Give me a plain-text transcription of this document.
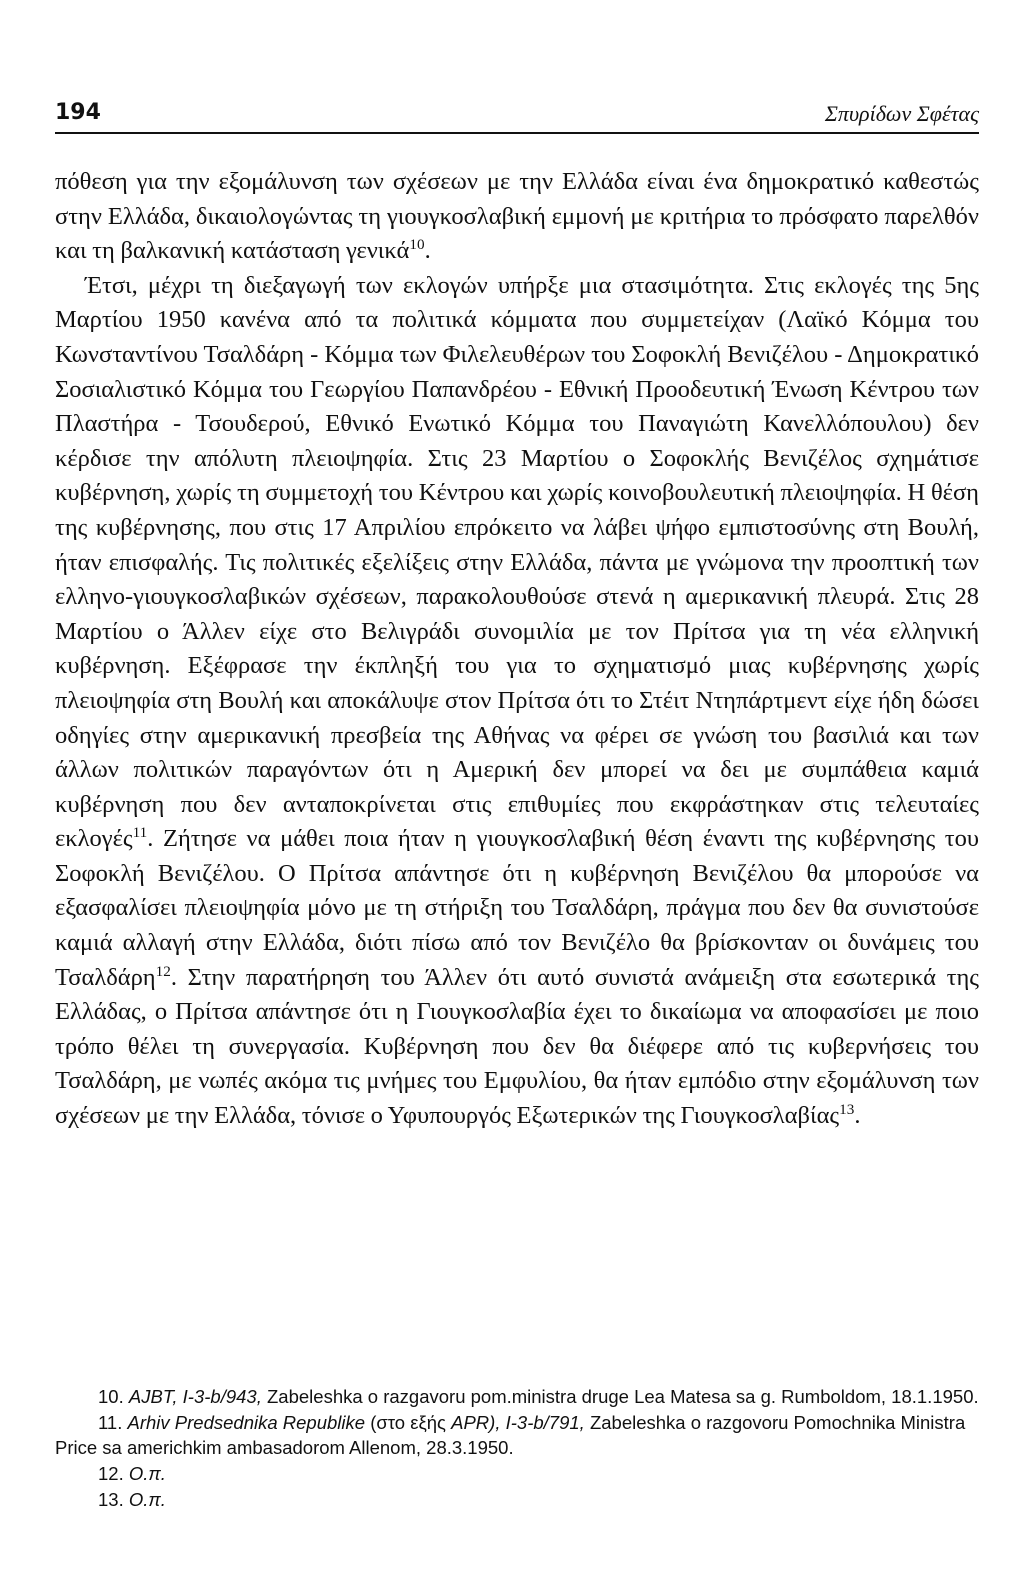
194	Σπυρίδων Σφέτας

πόθεση για την εξομάλυνση των σχέσεων με την Ελλάδα είναι ένα δημοκρατικό καθεστώς στην Ελλάδα, δικαιολογώντας τη γιουγκοσλαβική εμμονή με κριτήρια το πρόσφατο παρελθόν και τη βαλκανική κατάσταση γενικά$^{10}$.

Έτσι, μέχρι τη διεξαγωγή των εκλογών υπήρξε μια στασιμότητα. Στις εκλογές της 5ης Μαρτίου 1950 κανένα από τα πολιτικά κόμματα που συμμετείχαν (Λαϊκό Κόμμα του Κωνσταντίνου Τσαλδάρη - Κόμμα των Φιλελευθέρων του Σοφοκλή Βενιζέλου - Δημοκρατικό Σοσιαλιστικό Κόμμα του Γεωργίου Παπανδρέου - Εθνική Προοδευτική Ένωση Κέντρου των Πλαστήρα - Τσουδερού, Εθνικό Ενωτικό Κόμμα του Παναγιώτη Κανελλόπουλου) δεν κέρδισε την απόλυτη πλειοψηφία. Στις 23 Μαρτίου ο Σοφοκλής Βενιζέλος σχημάτισε κυβέρνηση, χωρίς τη συμμετοχή του Κέντρου και χωρίς κοινοβουλευτική πλειοψηφία. Η θέση της κυβέρνησης, που στις 17 Απριλίου επρόκειτο να λάβει ψήφο εμπιστοσύνης στη Βουλή, ήταν επισφαλής. Τις πολιτικές εξελίξεις στην Ελλάδα, πάντα με γνώμονα την προοπτική των ελληνο-γιουγκοσλαβικών σχέσεων, παρακολουθούσε στενά η αμερικανική πλευρά. Στις 28 Μαρτίου ο Άλλεν είχε στο Βελιγράδι συνομιλία με τον Πρίτσα για τη νέα ελληνική κυβέρνηση. Εξέφρασε την έκπληξή του για το σχηματισμό μιας κυβέρνησης χωρίς πλειοψηφία στη Βουλή και αποκάλυψε στον Πρίτσα ότι το Στέιτ Ντηπάρτμεντ είχε ήδη δώσει οδηγίες στην αμερικανική πρεσβεία της Αθήνας να φέρει σε γνώση του βασιλιά και των άλλων πολιτικών παραγόντων ότι η Αμερική δεν μπορεί να δει με συμπάθεια καμιά κυβέρνηση που δεν ανταποκρίνεται στις επιθυμίες που εκφράστηκαν στις τελευταίες εκλογές$^{11}$. Ζήτησε να μάθει ποια ήταν η γιουγκοσλαβική θέση έναντι της κυβέρνησης του Σοφοκλή Βενιζέλου. Ο Πρίτσα απάντησε ότι η κυβέρνηση Βενιζέλου θα μπορούσε να εξασφαλίσει πλειοψηφία μόνο με τη στήριξη του Τσαλδάρη, πράγμα που δεν θα συνιστούσε καμιά αλλαγή στην Ελλάδα, διότι πίσω από τον Βενιζέλο θα βρίσκονταν οι δυνάμεις του Τσαλδάρη$^{12}$. Στην παρατήρηση του Άλλεν ότι αυτό συνιστά ανάμειξη στα εσωτερικά της Ελλάδας, ο Πρίτσα απάντησε ότι η Γιουγκοσλαβία έχει το δικαίωμα να αποφασίσει με ποιο τρόπο θέλει τη συνεργασία. Κυβέρνηση που δεν θα διέφερε από τις κυβερνήσεις του Τσαλδάρη, με νωπές ακόμα τις μνήμες του Εμφυλίου, θα ήταν εμπόδιο στην εξομάλυνση των σχέσεων με την Ελλάδα, τόνισε ο Υφυπουργός Εξωτερικών της Γιουγκοσλαβίας$^{13}$.

10. AJBT, I-3-b/943, Zabeleshka o razgavoru pom.ministra druge Lea Matesa sa g. Rumboldom, 18.1.1950.

11. Arhiv Predsednika Republike (στο εξής APR), I-3-b/791, Zabeleshka o razgovoru Pomochnika Ministra Price sa americhkim ambasadorom Allenom, 28.3.1950.

12. Ο.π.

13. Ο.π.
